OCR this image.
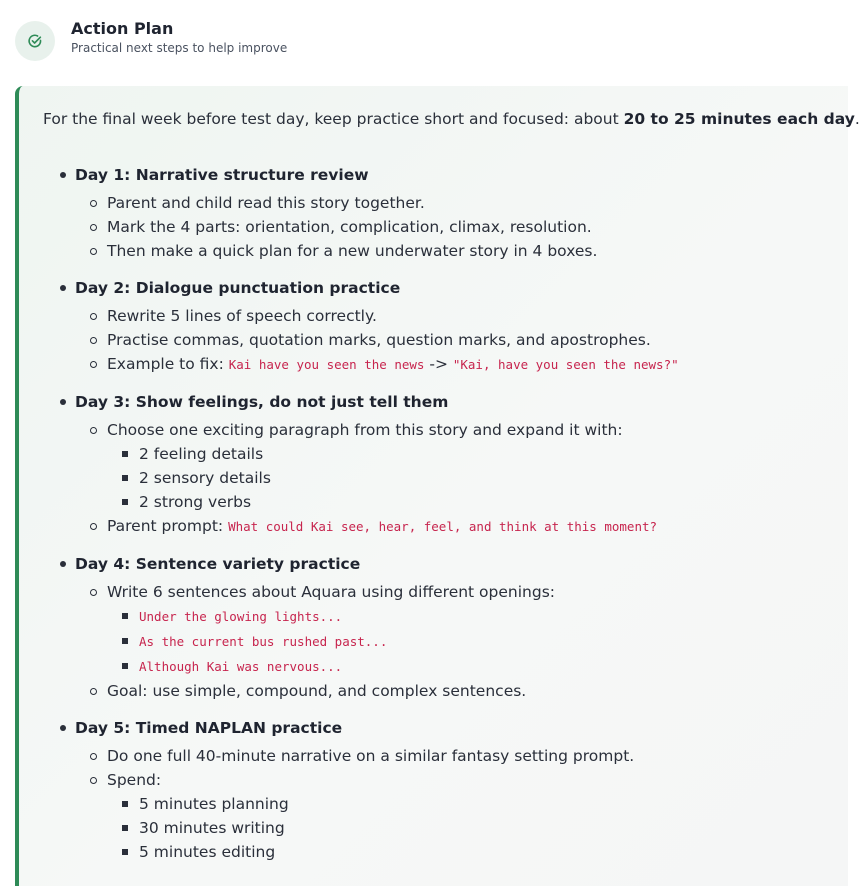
Action Plan
Practical next steps to help improve
For the final week before test day, keep practice short and focused: about 20 to 25 minutes each day.
Day 1: Narrative structure review
Parent and child read this story together.
Mark the 4 parts: orientation, complication, climax, resolution.
Then make a quick plan for a new underwater story in 4 boxes.
Day 2: Dialogue punctuation practice
Rewrite 5 lines of speech correctly.
Practise commas, quotation marks, question marks, and apostrophes.
Example to fix: Kai have you seen the news -> "Kai, have you seen the news?"
Day 3: Show feelings, do not just tell them
Choose one exciting paragraph from this story and expand it with:
2 feeling details
2 sensory details
2 strong verbs
Parent prompt: What could Kai see, hear, feel, and think at this moment?
Day 4: Sentence variety practice
Write 6 sentences about Aquara using different openings:
Under the glowing lights...
As the current bus rushed past...
Although Kai was nervous...
Goal: use simple, compound, and complex sentences.
Day 5: Timed NAPLAN practice
Do one full 40-minute narrative on a similar fantasy setting prompt.
Spend:
5 minutes planning
30 minutes writing
5 minutes editing
